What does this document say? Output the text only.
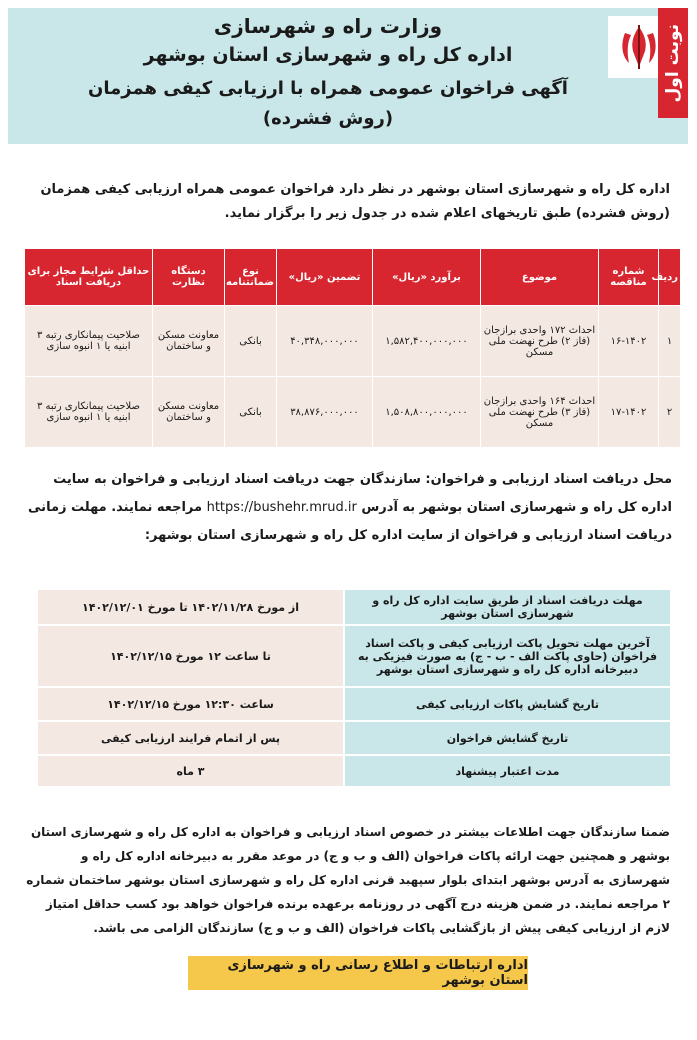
نوبت اول
وزارت راه و شهرسازی
اداره کل راه و شهرسازی استان بوشهر
آگهی فراخوان عمومی همراه با ارزیابی کیفی همزمان
(روش فشرده)
اداره کل راه و شهرسازی استان بوشهر در نظر دارد فراخوان عمومی همراه ارزیابی کیفی همزمان (روش فشرده) طبق تاریخهای اعلام شده در جدول زیر را برگزار نماید.
ردیف	شماره مناقصه	موضوع	برآورد «ریال»	تضمین «ریال»	نوع ضمانتنامه	دستگاه نظارت	حداقل شرایط مجاز برای دریافت اسناد
۱	۱۶-۱۴۰۲	احداث ۱۷۲ واحدی برازجان (فاز ۲) طرح نهضت ملی مسکن	۱,۵۸۲,۴۰۰,۰۰۰,۰۰۰	۴۰,۳۴۸,۰۰۰,۰۰۰	بانکی	معاونت مسکن و ساختمان	صلاحیت پیمانکاری رتبه ۳ ابنیه یا ۱ انبوه سازی
۲	۱۷-۱۴۰۲	احداث ۱۶۴ واحدی برازجان (فاز ۳) طرح نهضت ملی مسکن	۱,۵۰۸,۸۰۰,۰۰۰,۰۰۰	۳۸,۸۷۶,۰۰۰,۰۰۰	بانکی	معاونت مسکن و ساختمان	صلاحیت پیمانکاری رتبه ۳ ابنیه یا ۱ انبوه سازی
محل دریافت اسناد ارزیابی و فراخوان: سازندگان جهت دریافت اسناد ارزیابی و فراخوان به سایت اداره کل راه و شهرسازی استان بوشهر به آدرس https://bushehr.mrud.ir مراجعه نمایند. مهلت زمانی دریافت اسناد ارزیابی و فراخوان از سایت اداره کل راه و شهرسازی استان بوشهر:
مهلت دریافت اسناد از طریق سایت اداره کل راه و شهرسازی استان بوشهر	از مورخ ۱۴۰۲/۱۱/۲۸ تا مورخ ۱۴۰۲/۱۲/۰۱
آخرین مهلت تحویل پاکت ارزیابی کیفی و پاکت اسناد فراخوان (حاوی پاکت الف - ب - ج) به صورت فیزیکی به دبیرخانه اداره کل راه و شهرسازی استان بوشهر	تا ساعت ۱۲ مورخ ۱۴۰۲/۱۲/۱۵
تاریخ گشایش پاکات ارزیابی کیفی	ساعت ۱۲:۳۰ مورخ ۱۴۰۲/۱۲/۱۵
تاریخ گشایش فراخوان	پس از اتمام فرایند ارزیابی کیفی
مدت اعتبار پیشنهاد	۳ ماه
ضمنا سازندگان جهت اطلاعات بیشتر در خصوص اسناد ارزیابی و فراخوان به اداره کل راه و شهرسازی استان بوشهر و همچنین جهت ارائه پاکات فراخوان (الف و ب و ج) در موعد مقرر به دبیرخانه اداره کل راه و شهرسازی به آدرس بوشهر ابتدای بلوار سپهبد قرنی اداره کل راه و شهرسازی استان بوشهر ساختمان شماره ۲ مراجعه نمایند. در ضمن هزینه درج آگهی در روزنامه برعهده برنده فراخوان خواهد بود کسب حداقل امتیاز لازم از ارزیابی کیفی پیش از بازگشایی پاکات فراخوان (الف و ب و ج) سازندگان الزامی می باشد.
اداره ارتباطات و اطلاع رسانی راه و شهرسازی استان بوشهر
